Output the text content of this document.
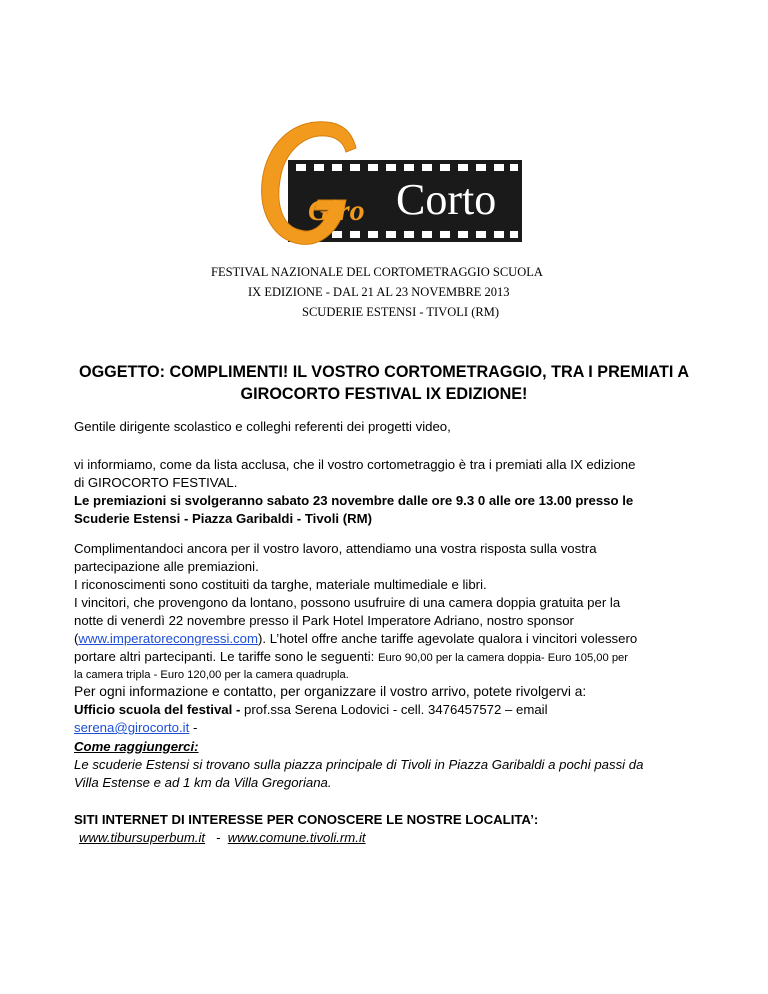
Giro Corto
FESTIVAL NAZIONALE DEL CORTOMETRAGGIO SCUOLA
IX EDIZIONE - DAL 21 AL 23 NOVEMBRE 2013
SCUDERIE ESTENSI - TIVOLI (RM)
OGGETTO: COMPLIMENTI! IL VOSTRO CORTOMETRAGGIO, TRA I PREMIATI A
GIROCORTO FESTIVAL IX EDIZIONE!
Gentile dirigente scolastico e colleghi referenti dei progetti video,
vi informiamo, come da lista acclusa, che il vostro cortometraggio è tra i premiati alla IX edizione
di GIROCORTO FESTIVAL.
Le premiazioni si svolgeranno sabato 23 novembre dalle ore 9.3 0 alle ore 13.00 presso le
Scuderie Estensi - Piazza Garibaldi - Tivoli (RM)
Complimentandoci ancora per il vostro lavoro, attendiamo una vostra risposta sulla vostra
partecipazione alle premiazioni.
I riconoscimenti sono costituiti da targhe, materiale multimediale e libri.
I vincitori, che provengono da lontano, possono usufruire di una camera doppia gratuita per la
notte di venerdì 22 novembre presso il Park Hotel Imperatore Adriano, nostro sponsor
(www.imperatorecongressi.com). L’hotel offre anche tariffe agevolate qualora i vincitori volessero
portare altri partecipanti. Le tariffe sono le seguenti: Euro 90,00 per la camera doppia- Euro 105,00 per
la camera tripla - Euro 120,00 per la camera quadrupla.
Per ogni informazione e contatto, per organizzare il vostro arrivo, potete rivolgervi a:
Ufficio scuola del festival - prof.ssa Serena Lodovici - cell. 3476457572 – email
serena@girocorto.it -
Come raggiungerci:
Le scuderie Estensi si trovano sulla piazza principale di Tivoli in Piazza Garibaldi a pochi passi da
Villa Estense e ad 1 km da Villa Gregoriana.
SITI INTERNET DI INTERESSE PER CONOSCERE LE NOSTRE LOCALITA’:
www.tibursuperbum.it   -  www.comune.tivoli.rm.it
